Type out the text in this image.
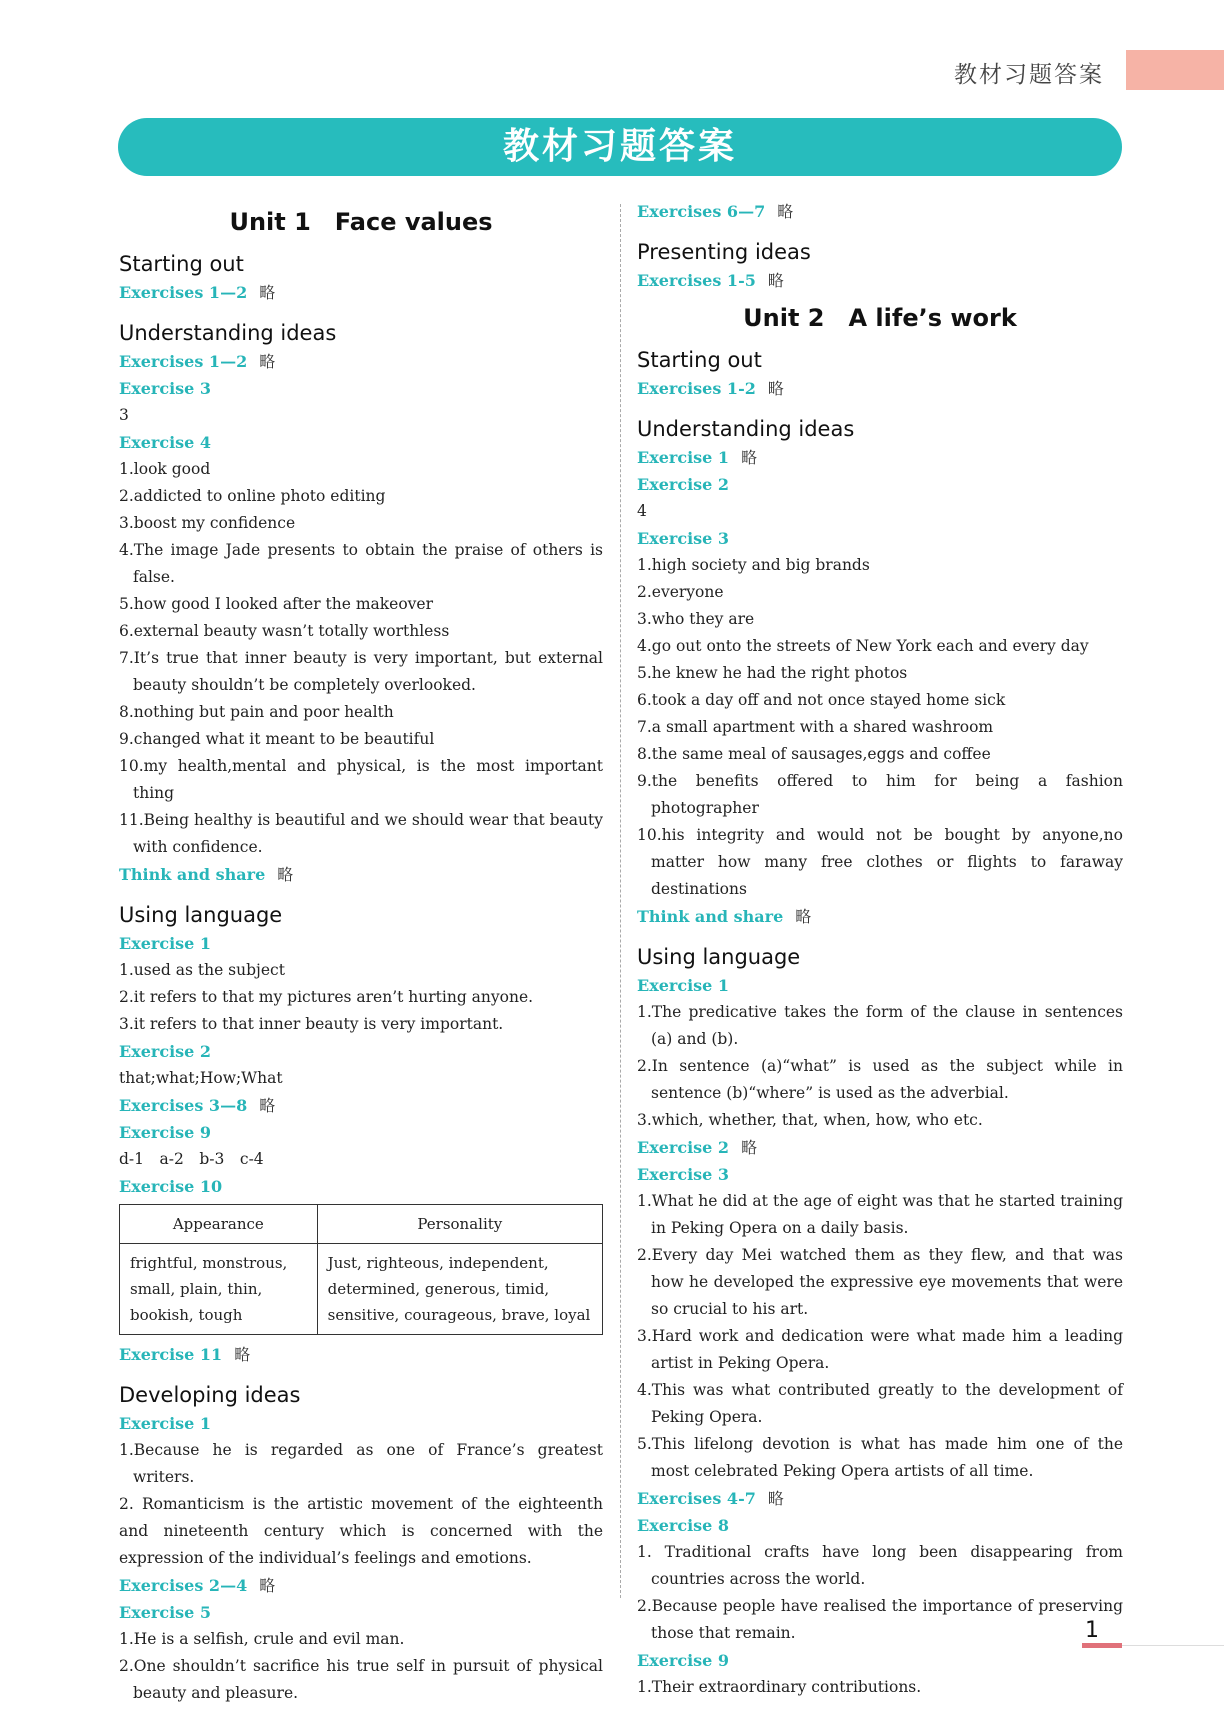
教材习题答案
教材习题答案
Unit 1　Face values
Starting out
Exercises 1—2 略
Understanding ideas
Exercises 1—2 略
Exercise 3
3
Exercise 4
1.look good
2.addicted to online photo editing
3.boost my confidence
4.The image Jade presents to obtain the praise of others is false.
5.how good I looked after the makeover
6.external beauty wasn’t totally worthless
7.It’s true that inner beauty is very important, but external beauty shouldn’t be completely overlooked.
8.nothing but pain and poor health
9.changed what it meant to be beautiful
10.my health,mental and physical, is the most important thing
11.Being healthy is beautiful and we should wear that beauty with confidence.
Think and share 略
Using language
Exercise 1
1.used as the subject
2.it refers to that my pictures aren’t hurting anyone.
3.it refers to that inner beauty is very important.
Exercise 2
that;what;How;What
Exercises 3—8 略
Exercise 9
d-1　a-2　b-3　c-4
Exercise 10
Appearance	Personality
frightful, monstrous, small, plain, thin, bookish, tough	Just, righteous, independent, determined, generous, timid, sensitive, courageous, brave, loyal
Exercise 11 略
Developing ideas
Exercise 1
1.Because he is regarded as one of France’s greatest writers.
2. Romanticism is the artistic movement of the eighteenth and nineteenth century which is concerned with the expression of the individual’s feelings and emotions.
Exercises 2—4 略
Exercise 5
1.He is a selfish, crule and evil man.
2.One shouldn’t sacrifice his true self in pursuit of physical beauty and pleasure.
Exercises 6—7 略
Presenting ideas
Exercises 1-5 略
Unit 2　A life’s work
Starting out
Exercises 1-2 略
Understanding ideas
Exercise 1 略
Exercise 2
4
Exercise 3
1.high society and big brands
2.everyone
3.who they are
4.go out onto the streets of New York each and every day
5.he knew he had the right photos
6.took a day off and not once stayed home sick
7.a small apartment with a shared washroom
8.the same meal of sausages,eggs and coffee
9.the benefits offered to him for being a fashion photographer
10.his integrity and would not be bought by anyone,no matter how many free clothes or flights to faraway destinations
Think and share 略
Using language
Exercise 1
1.The predicative takes the form of the clause in sentences (a) and (b).
2.In sentence (a)“what” is used as the subject while in sentence (b)“where” is used as the adverbial.
3.which, whether, that, when, how, who etc.
Exercise 2 略
Exercise 3
1.What he did at the age of eight was that he started training in Peking Opera on a daily basis.
2.Every day Mei watched them as they flew, and that was how he developed the expressive eye movements that were so crucial to his art.
3.Hard work and dedication were what made him a leading artist in Peking Opera.
4.This was what contributed greatly to the development of Peking Opera.
5.This lifelong devotion is what has made him one of the most celebrated Peking Opera artists of all time.
Exercises 4-7 略
Exercise 8
1. Traditional crafts have long been disappearing from countries across the world.
2.Because people have realised the importance of preserving those that remain.
Exercise 9
1.Their extraordinary contributions.
1
